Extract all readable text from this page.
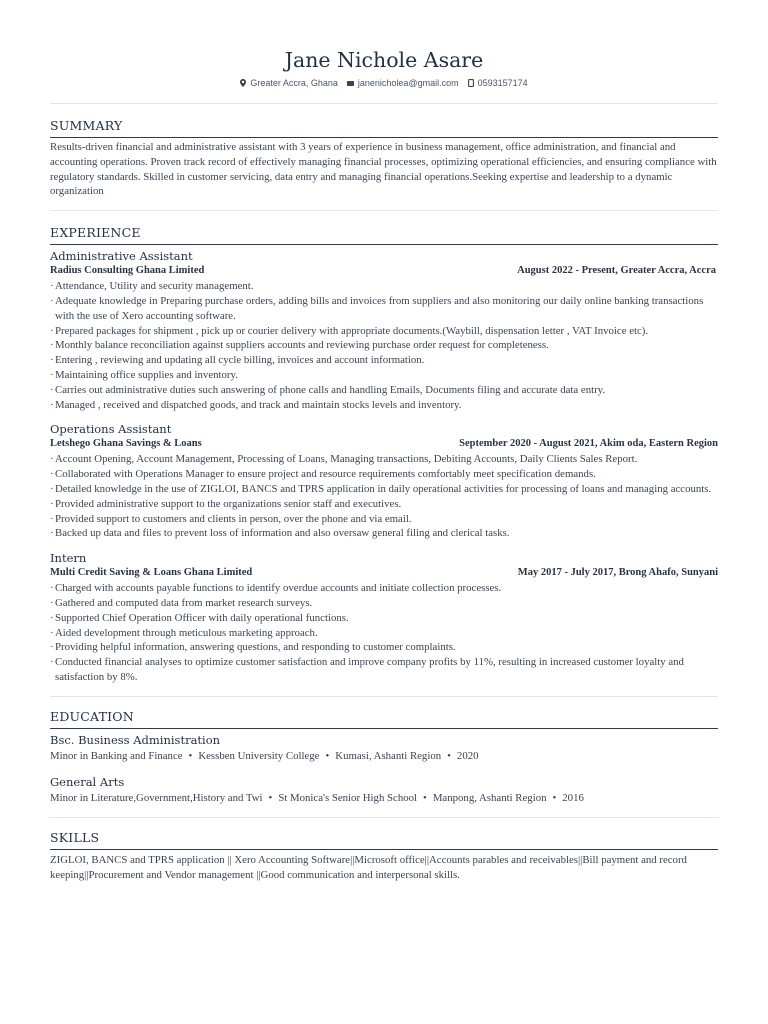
Jane Nichole Asare
Greater Accra, Ghana janenicholea@gmail.com 0593157174
SUMMARY
Results-driven financial and administrative assistant with 3 years of experience in business management, office administration, and financial and accounting operations. Proven track record of effectively managing financial processes, optimizing operational efficiencies, and ensuring compliance with regulatory standards. Skilled in customer servicing, data entry and managing financial operations.Seeking expertise and leadership to a dynamic organization
EXPERIENCE
Administrative Assistant
Radius Consulting Ghana Limited	August 2022 - Present, Greater Accra, Accra
· Attendance, Utility and security management.
· Adequate knowledge in Preparing purchase orders, adding bills and invoices from suppliers and also monitoring our daily online banking transactions with the use of Xero accounting software.
· Prepared packages for shipment , pick up or courier delivery with appropriate documents.(Waybill, dispensation letter , VAT Invoice etc).
· Monthly balance reconciliation against suppliers accounts and reviewing purchase order request for completeness.
· Entering , reviewing and updating all cycle billing, invoices and account information.
· Maintaining office supplies and inventory.
· Carries out administrative duties such answering of phone calls and handling Emails, Documents filing and accurate data entry.
· Managed , received and dispatched goods, and track and maintain stocks levels and inventory.
Operations Assistant
Letshego Ghana Savings & Loans	September 2020 - August 2021, Akim oda, Eastern Region
· Account Opening, Account Management, Processing of Loans, Managing transactions, Debiting Accounts, Daily Clients Sales Report.
· Collaborated with Operations Manager to ensure project and resource requirements comfortably meet specification demands.
· Detailed knowledge in the use of ZIGLOI, BANCS and TPRS application in daily operational activities for processing of loans and managing accounts.
· Provided administrative support to the organizations senior staff and executives.
· Provided support to customers and clients in person, over the phone and via email.
· Backed up data and files to prevent loss of information and also oversaw general filing and clerical tasks.
Intern
Multi Credit Saving & Loans Ghana Limited	May 2017 - July 2017, Brong Ahafo, Sunyani
· Charged with accounts payable functions to identify overdue accounts and initiate collection processes.
· Gathered and computed data from market research surveys.
· Supported Chief Operation Officer with daily operational functions.
· Aided development through meticulous marketing approach.
· Providing helpful information, answering questions, and responding to customer complaints.
· Conducted financial analyses to optimize customer satisfaction and improve company profits by 11%, resulting in increased customer loyalty and satisfaction by 8%.
EDUCATION
Bsc. Business Administration
Minor in Banking and Finance • Kessben University College • Kumasi, Ashanti Region • 2020
General Arts
Minor in Literature,Government,History and Twi • St Monica's Senior High School • Manpong, Ashanti Region • 2016
SKILLS
ZIGLOI, BANCS and TPRS application || Xero Accounting Software||Microsoft office||Accounts parables and receivables||Bill payment and record keeping||Procurement and Vendor management ||Good communication and interpersonal skills.
